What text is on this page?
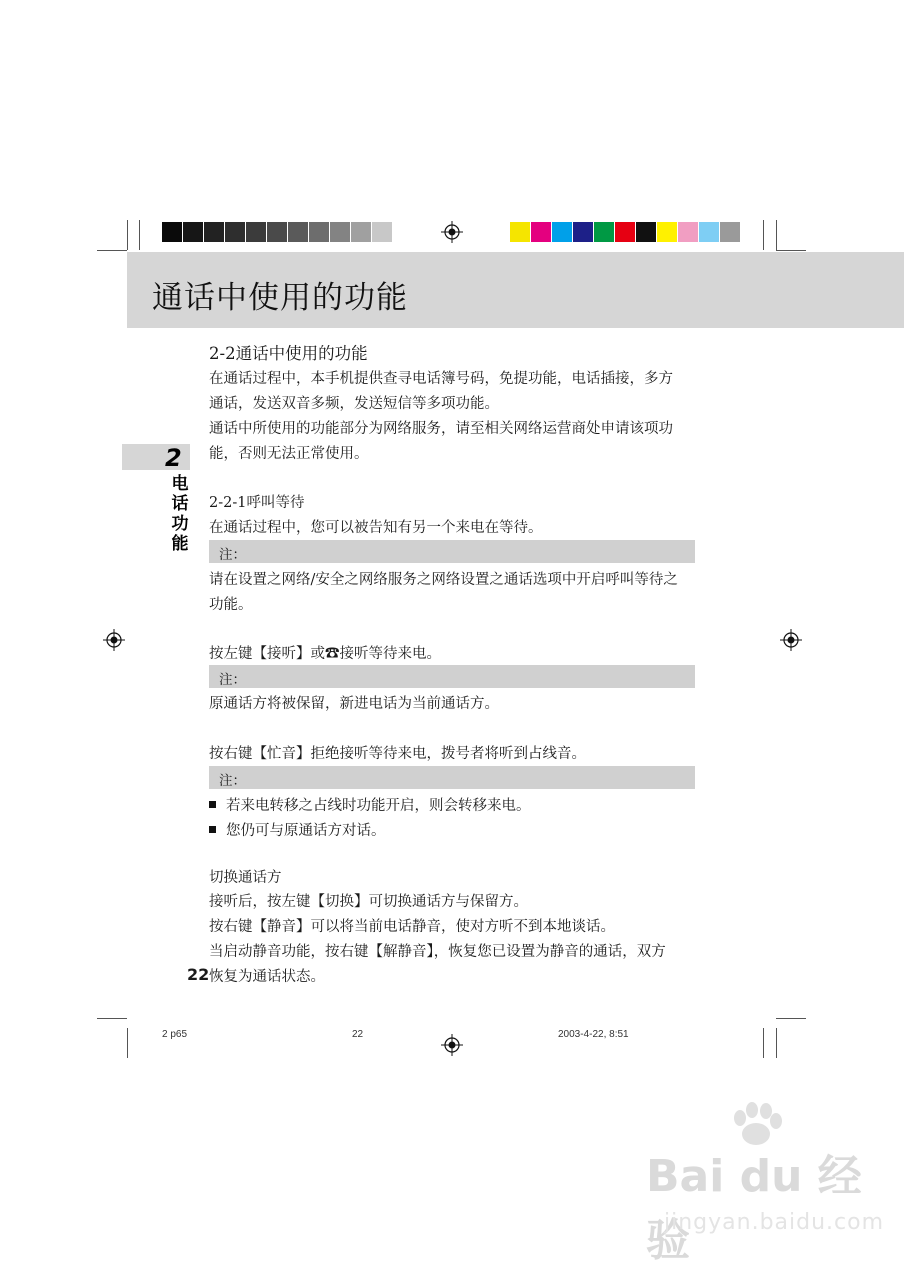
通话中使用的功能
2
电话功能
2-2通话中使用的功能
在通话过程中，本手机提供查寻电话簿号码，免提功能，电话插接，多方
通话，发送双音多频，发送短信等多项功能。
通话中所使用的功能部分为网络服务，请至相关网络运营商处申请该项功
能，否则无法正常使用。
2-2-1呼叫等待
在通话过程中，您可以被告知有另一个来电在等待。
注：
请在设置之网络/安全之网络服务之网络设置之通话选项中开启呼叫等待之
功能。
按左键【接听】或☎接听等待来电。
注：
原通话方将被保留，新进电话为当前通话方。
按右键【忙音】拒绝接听等待来电，拨号者将听到占线音。
注：
若来电转移之占线时功能开启，则会转移来电。
您仍可与原通话方对话。
切换通话方
接听后，按左键【切换】可切换通话方与保留方。
按右键【静音】可以将当前电话静音，使对方听不到本地谈话。
当启动静音功能，按右键【解静音】，恢复您已设置为静音的通话，双方
恢复为通话状态。
22
2 p65	22	2003-4-22, 8:51
Bai du 经验
jingyan.baidu.com
